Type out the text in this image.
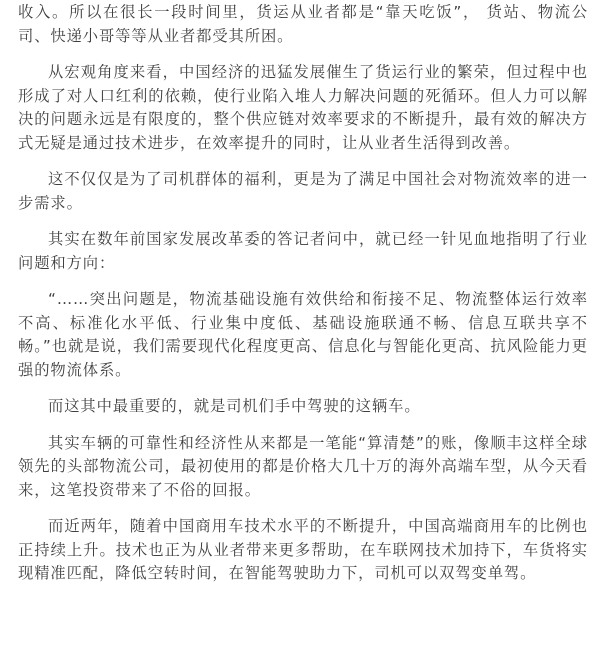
收入。所以在很长一段时间里，货运从业者都是“靠天吃饭”， 货站、物流公司、快递小哥等等从业者都受其所困。

从宏观角度来看，中国经济的迅猛发展催生了货运行业的繁荣，但过程中也形成了对人口红利的依赖，使行业陷入堆人力解决问题的死循环。但人力可以解决的问题永远是有限度的，整个供应链对效率要求的不断提升，最有效的解决方式无疑是通过技术进步，在效率提升的同时，让从业者生活得到改善。

这不仅仅是为了司机群体的福利，更是为了满足中国社会对物流效率的进一步需求。

其实在数年前国家发展改革委的答记者问中，就已经一针见血地指明了行业问题和方向：

“……突出问题是，物流基础设施有效供给和衔接不足、物流整体运行效率不高、标准化水平低、行业集中度低、基础设施联通不畅、信息互联共享不畅。”也就是说，我们需要现代化程度更高、信息化与智能化更高、抗风险能力更强的物流体系。

而这其中最重要的，就是司机们手中驾驶的这辆车。

其实车辆的可靠性和经济性从来都是一笔能“算清楚”的账，像顺丰这样全球领先的头部物流公司，最初使用的都是价格大几十万的海外高端车型，从今天看来，这笔投资带来了不俗的回报。

而近两年，随着中国商用车技术水平的不断提升，中国高端商用车的比例也正持续上升。技术也正为从业者带来更多帮助，在车联网技术加持下，车货将实现精准匹配，降低空转时间，在智能驾驶助力下，司机可以双驾变单驾。
